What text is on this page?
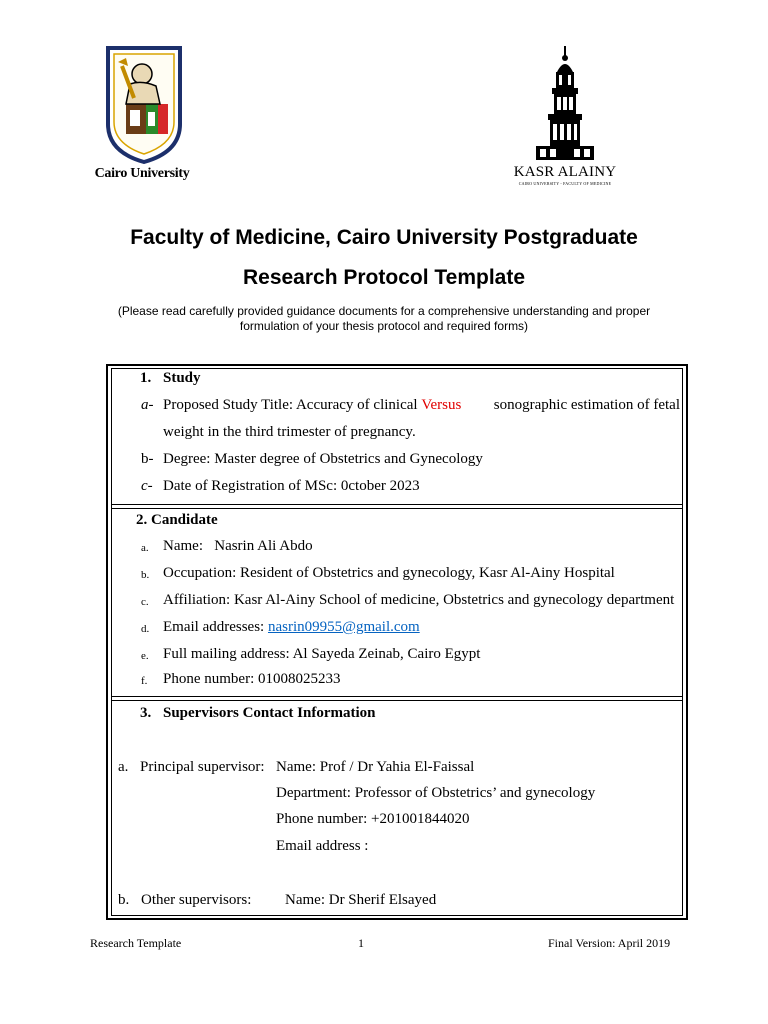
Cairo University	KASR ALAINY
CAIRO UNIVERSITY - FACULTY OF MEDICINE
Faculty of Medicine, Cairo University Postgraduate
Research Protocol Template
(Please read carefully provided guidance documents for a comprehensive understanding and proper
formulation of your thesis protocol and required forms)
1. Study
a- Proposed Study Title: Accuracy of clinical Versus sonographic estimation of fetal
weight in the third trimester of pregnancy.
b- Degree: Master degree of Obstetrics and Gynecology
c- Date of Registration of MSc: 0ctober 2023
2. Candidate
a. Name:   Nasrin Ali Abdo
b. Occupation: Resident of Obstetrics and gynecology, Kasr Al-Ainy Hospital
c. Affiliation: Kasr Al-Ainy School of medicine, Obstetrics and gynecology department
d. Email addresses: nasrin09955@gmail.com
e. Full mailing address: Al Sayeda Zeinab, Cairo Egypt
f. Phone number: 01008025233
3. Supervisors Contact Information
a. Principal supervisor: Name: Prof / Dr Yahia El-Faissal
Department: Professor of Obstetrics’ and gynecology
Phone number: +201001844020
Email address :
b. Other supervisors: Name: Dr Sherif Elsayed
Research Template	1	Final Version: April 2019
